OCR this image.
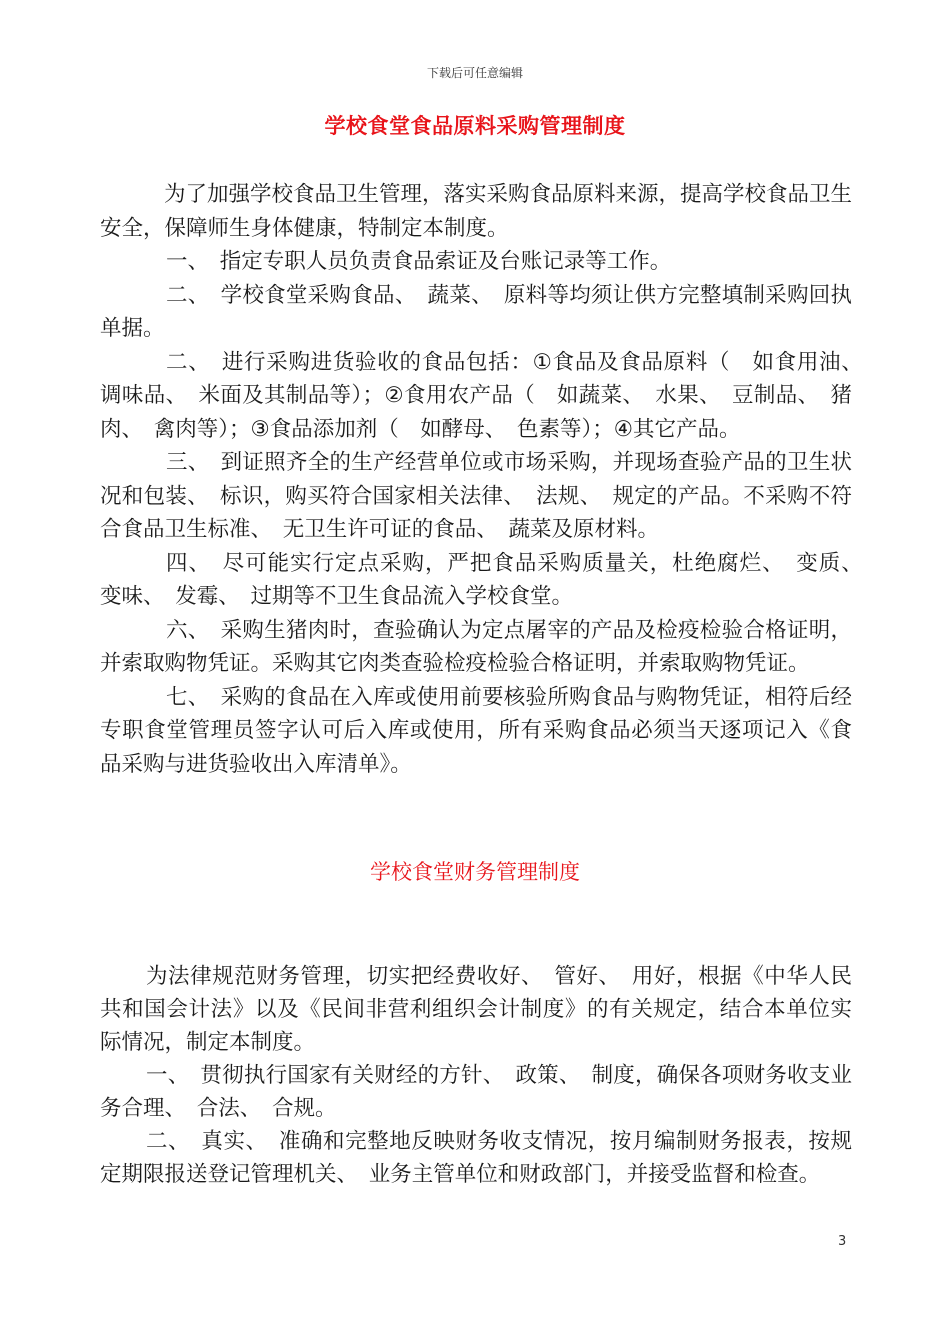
下载后可任意编辑
学校食堂食品原料采购管理制度

为了加强学校食品卫生管理，落实采购食品原料来源，提高学校食品卫生安全，保障师生身体健康，特制定本制度。

一、　指定专职人员负责食品索证及台账记录等工作。

二、　学校食堂采购食品、　蔬菜、　原料等均须让供方完整填制采购回执单据。

二、　进行采购进货验收的食品包括：①食品及食品原料（　如食用油、　调味品、　米面及其制品等）；②食用农产品（　如蔬菜、　水果、　豆制品、　猪肉、　禽肉等）；③食品添加剂（　如酵母、　色素等）；④其它产品。

三、　到证照齐全的生产经营单位或市场采购，并现场查验产品的卫生状况和包装、　标识，购买符合国家相关法律、　法规、　规定的产品。不采购不符合食品卫生标准、　无卫生许可证的食品、　蔬菜及原材料。

四、　尽可能实行定点采购，严把食品采购质量关，杜绝腐烂、　变质、　变味、　发霉、　过期等不卫生食品流入学校食堂。

六、　采购生猪肉时，查验确认为定点屠宰的产品及检疫检验合格证明，并索取购物凭证。采购其它肉类查验检疫检验合格证明，并索取购物凭证。

七、　采购的食品在入库或使用前要核验所购食品与购物凭证，相符后经专职食堂管理员签字认可后入库或使用，所有采购食品必须当天逐项记入《食品采购与进货验收出入库清单》。

学校食堂财务管理制度

为法律规范财务管理，切实把经费收好、　管好、　用好，根据《中华人民共和国会计法》以及《民间非营利组织会计制度》的有关规定，结合本单位实际情况，制定本制度。

一、　贯彻执行国家有关财经的方针、　政策、　制度，确保各项财务收支业务合理、　合法、　合规。

二、　真实、　准确和完整地反映财务收支情况，按月编制财务报表，按规定期限报送登记管理机关、　业务主管单位和财政部门，并接受监督和检查。

3
